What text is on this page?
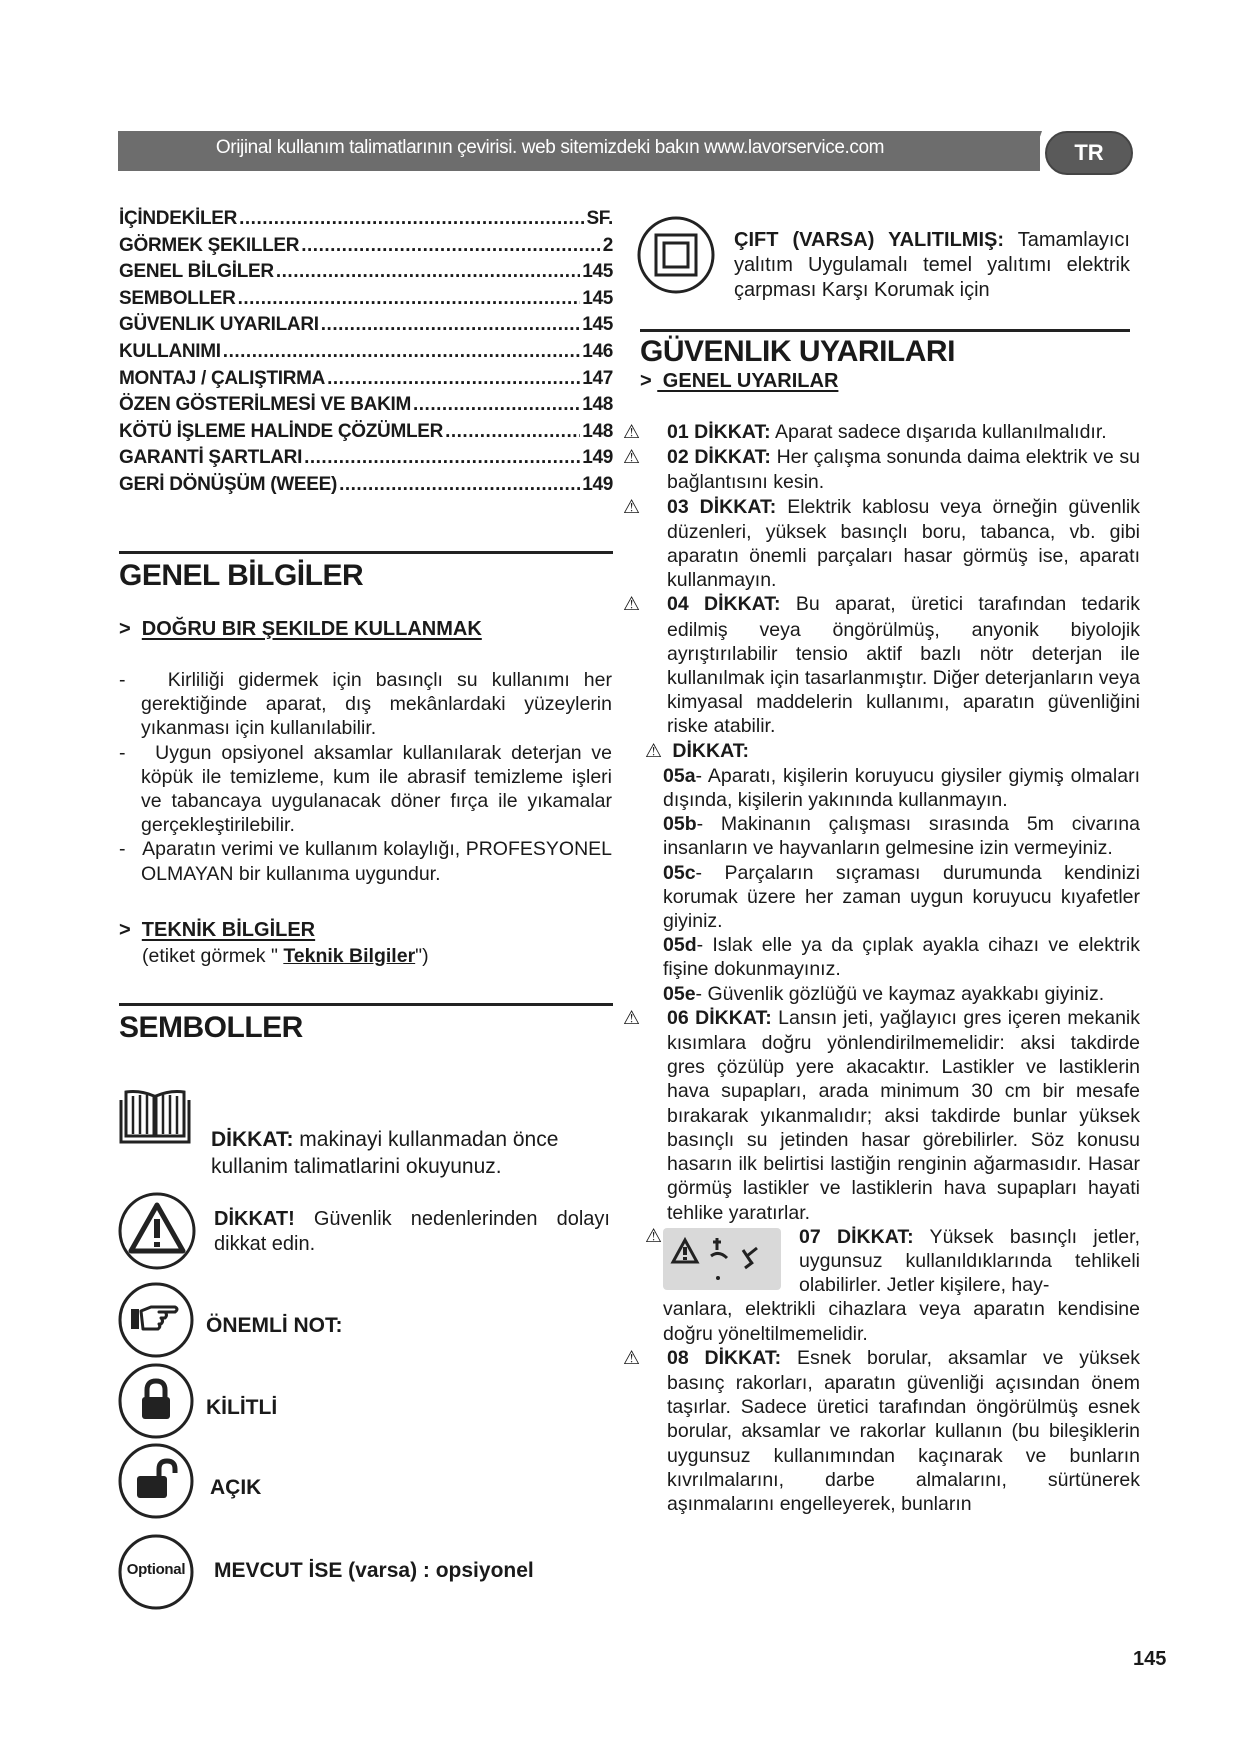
Orijinal kullanım talimatlarının çevirisi. web sitemizdeki bakın www.lavorservice.com	TR
İÇİNDEKİLER .....	SF.
GÖRMEK ŞEKILLER .....	2
GENEL BİLGİLER .....	145
SEMBOLLER .....	145
GÜVENLIK UYARILARI .....	145
KULLANIMI .....	146
MONTAJ / ÇALIŞTIRMA .....	147
ÖZEN GÖSTERİLMESİ VE BAKIM .....	148
KÖTÜ İŞLEME HALİNDE ÇÖZÜMLER .....	148
GARANTİ ŞARTLARI .....	149
GERİ DÖNÜŞÜM (WEEE) .....	149
GENEL BİLGİLER
>  DOĞRU BIR ŞEKILDE KULLANMAK
-   Kirliliği gidermek için basınçlı su kullanımı her gerektiğinde aparat, dış mekânlardaki yüzeylerin yıkanması için kullanılabilir.
-   Uygun opsiyonel aksamlar kullanılarak deterjan ve köpük ile temizleme, kum ile abrasif temizleme işleri ve tabancaya uygulanacak döner fırça ile yıkamalar gerçekleştirilebilir.
-   Aparatın verimi ve kullanım kolaylığı, PROFESYONEL OLMAYAN bir kullanıma uygundur.
>  TEKNİK BİLGİLER
(etiket görmek " Teknik Bilgiler")
SEMBOLLER
DİKKAT: makinayi kullanmadan önce kullanim talimatlarini okuyunuz.
DİKKAT! Güvenlik nedenlerinden dolayı dikkat edin.
ÖNEMLİ NOT:
KİLİTLİ
AÇIK
Optional	MEVCUT İSE (varsa) : opsiyonel
ÇIFT (VARSA) YALITILMIŞ: Tamamlayıcı yalıtım Uygulamalı temel yalıtımı elektrik çarpması Karşı Korumak için
GÜVENLIK UYARILARI
>  GENEL UYARILAR
⚠ 01 DİKKAT: Aparat sadece dışarıda kullanılmalıdır.
⚠ 02 DİKKAT: Her çalışma sonunda daima elektrik ve su bağlantısını kesin.
⚠ 03 DİKKAT: Elektrik kablosu veya örneğin güvenlik düzenleri, yüksek basınçlı boru, tabanca, vb. gibi aparatın önemli parçaları hasar görmüş ise, aparatı kullanmayın.
⚠ 04 DİKKAT: Bu aparat, üretici tarafından tedarik edilmiş veya öngörülmüş, anyonik biyolojik ayrıştırılabilir tensio aktif bazlı nötr deterjan ile kullanılmak için tasarlanmıştır. Diğer deterjanların veya kimyasal maddelerin kullanımı, aparatın güvenliğini riske atabilir.
⚠ DİKKAT:
05a- Aparatı, kişilerin koruyucu giysiler giymiş olmaları dışında, kişilerin yakınında kullanmayın.
05b- Makinanın çalışması sırasında 5m civarına insanların ve hayvanların gelmesine izin vermeyiniz.
05c- Parçaların sıçraması durumunda kendinizi korumak üzere her zaman uygun koruyucu kıyafetler giyiniz.
05d- Islak elle ya da çıplak ayakla cihazı ve elektrik fişine dokunmayınız.
05e- Güvenlik gözlüğü ve kaymaz ayakkabı giyiniz.
⚠ 06 DİKKAT: Lansın jeti, yağlayıcı gres içeren mekanik kısımlara doğru yönlendirilmemelidir: aksi takdirde gres çözülüp yere akacaktır. Lastikler ve lastiklerin hava supapları, arada minimum 30 cm bir mesafe bırakarak yıkanmalıdır; aksi takdirde bunlar yüksek basınçlı su jetinden hasar görebilirler. Söz konusu hasarın ilk belirtisi lastiğin renginin ağarmasıdır. Hasar görmüş lastikler ve lastiklerin hava supapları hayati tehlike yaratırlar.
⚠	07 DİKKAT: Yüksek basınçlı jetler, uygunsuz kullanıldıklarında tehlikeli olabilirler. Jetler kişilere, hay-
vanlara, elektrikli cihazlara veya aparatın kendisine doğru yöneltilmemelidir.
⚠ 08 DİKKAT: Esnek borular, aksamlar ve yüksek basınç rakorları, aparatın güvenliği açısından önem taşırlar. Sadece üretici tarafından öngörülmüş esnek borular, aksamlar ve rakorlar kullanın (bu bileşiklerin uygunsuz kullanımından kaçınarak ve bunların kıvrılmalarını, darbe almalarını, sürtünerek aşınmalarını engelleyerek, bunların
145
